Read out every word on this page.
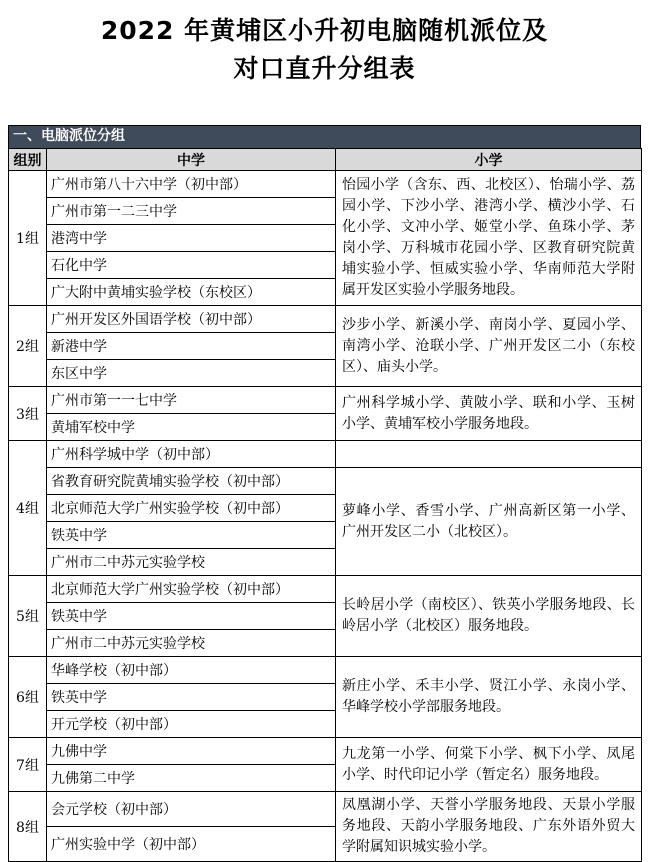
2022 年黄埔区小升初电脑随机派位及
对口直升分组表
一、电脑派位分组
组别	中学	小学
1组	广州市第八十六中学（初中部）	怡园小学（含东、西、北校区）、怡瑞小学、荔园小学、下沙小学、港湾小学、横沙小学、石化小学、文冲小学、姬堂小学、鱼珠小学、茅岗小学、万科城市花园小学、区教育研究院黄埔实验小学、恒威实验小学、华南师范大学附属开发区实验小学服务地段。
	广州市第一二三中学	
	港湾中学	
	石化中学	
	广大附中黄埔实验学校（东校区）	
2组	广州开发区外国语学校（初中部）	沙步小学、新溪小学、南岗小学、夏园小学、南湾小学、沧联小学、广州开发区二小（东校区）、庙头小学。
	新港中学	
	东区中学	
3组	广州市第一一七中学	广州科学城小学、黄陂小学、联和小学、玉树小学、黄埔军校小学服务地段。
	黄埔军校中学	
4组	广州科学城中学（初中部）	
	省教育研究院黄埔实验学校（初中部）	萝峰小学、香雪小学、广州高新区第一小学、广州开发区二小（北校区）。
	北京师范大学广州实验学校（初中部）	
	铁英中学	
	广州市二中苏元实验学校	
5组	北京师范大学广州实验学校（初中部）	长岭居小学（南校区）、铁英小学服务地段、长岭居小学（北校区）服务地段。
	铁英中学	
	广州市二中苏元实验学校	
6组	华峰学校（初中部）	新庄小学、禾丰小学、贤江小学、永岗小学、华峰学校小学部服务地段。
	铁英中学	
	开元学校（初中部）	
7组	九佛中学	九龙第一小学、何棠下小学、枫下小学、凤尾小学、时代印记小学（暂定名）服务地段。
	九佛第二中学	
8组	会元学校（初中部）	凤凰湖小学、天誉小学服务地段、天景小学服务地段、天韵小学服务地段、广东外语外贸大学附属知识城实验小学。
	广州实验中学（初中部）	
